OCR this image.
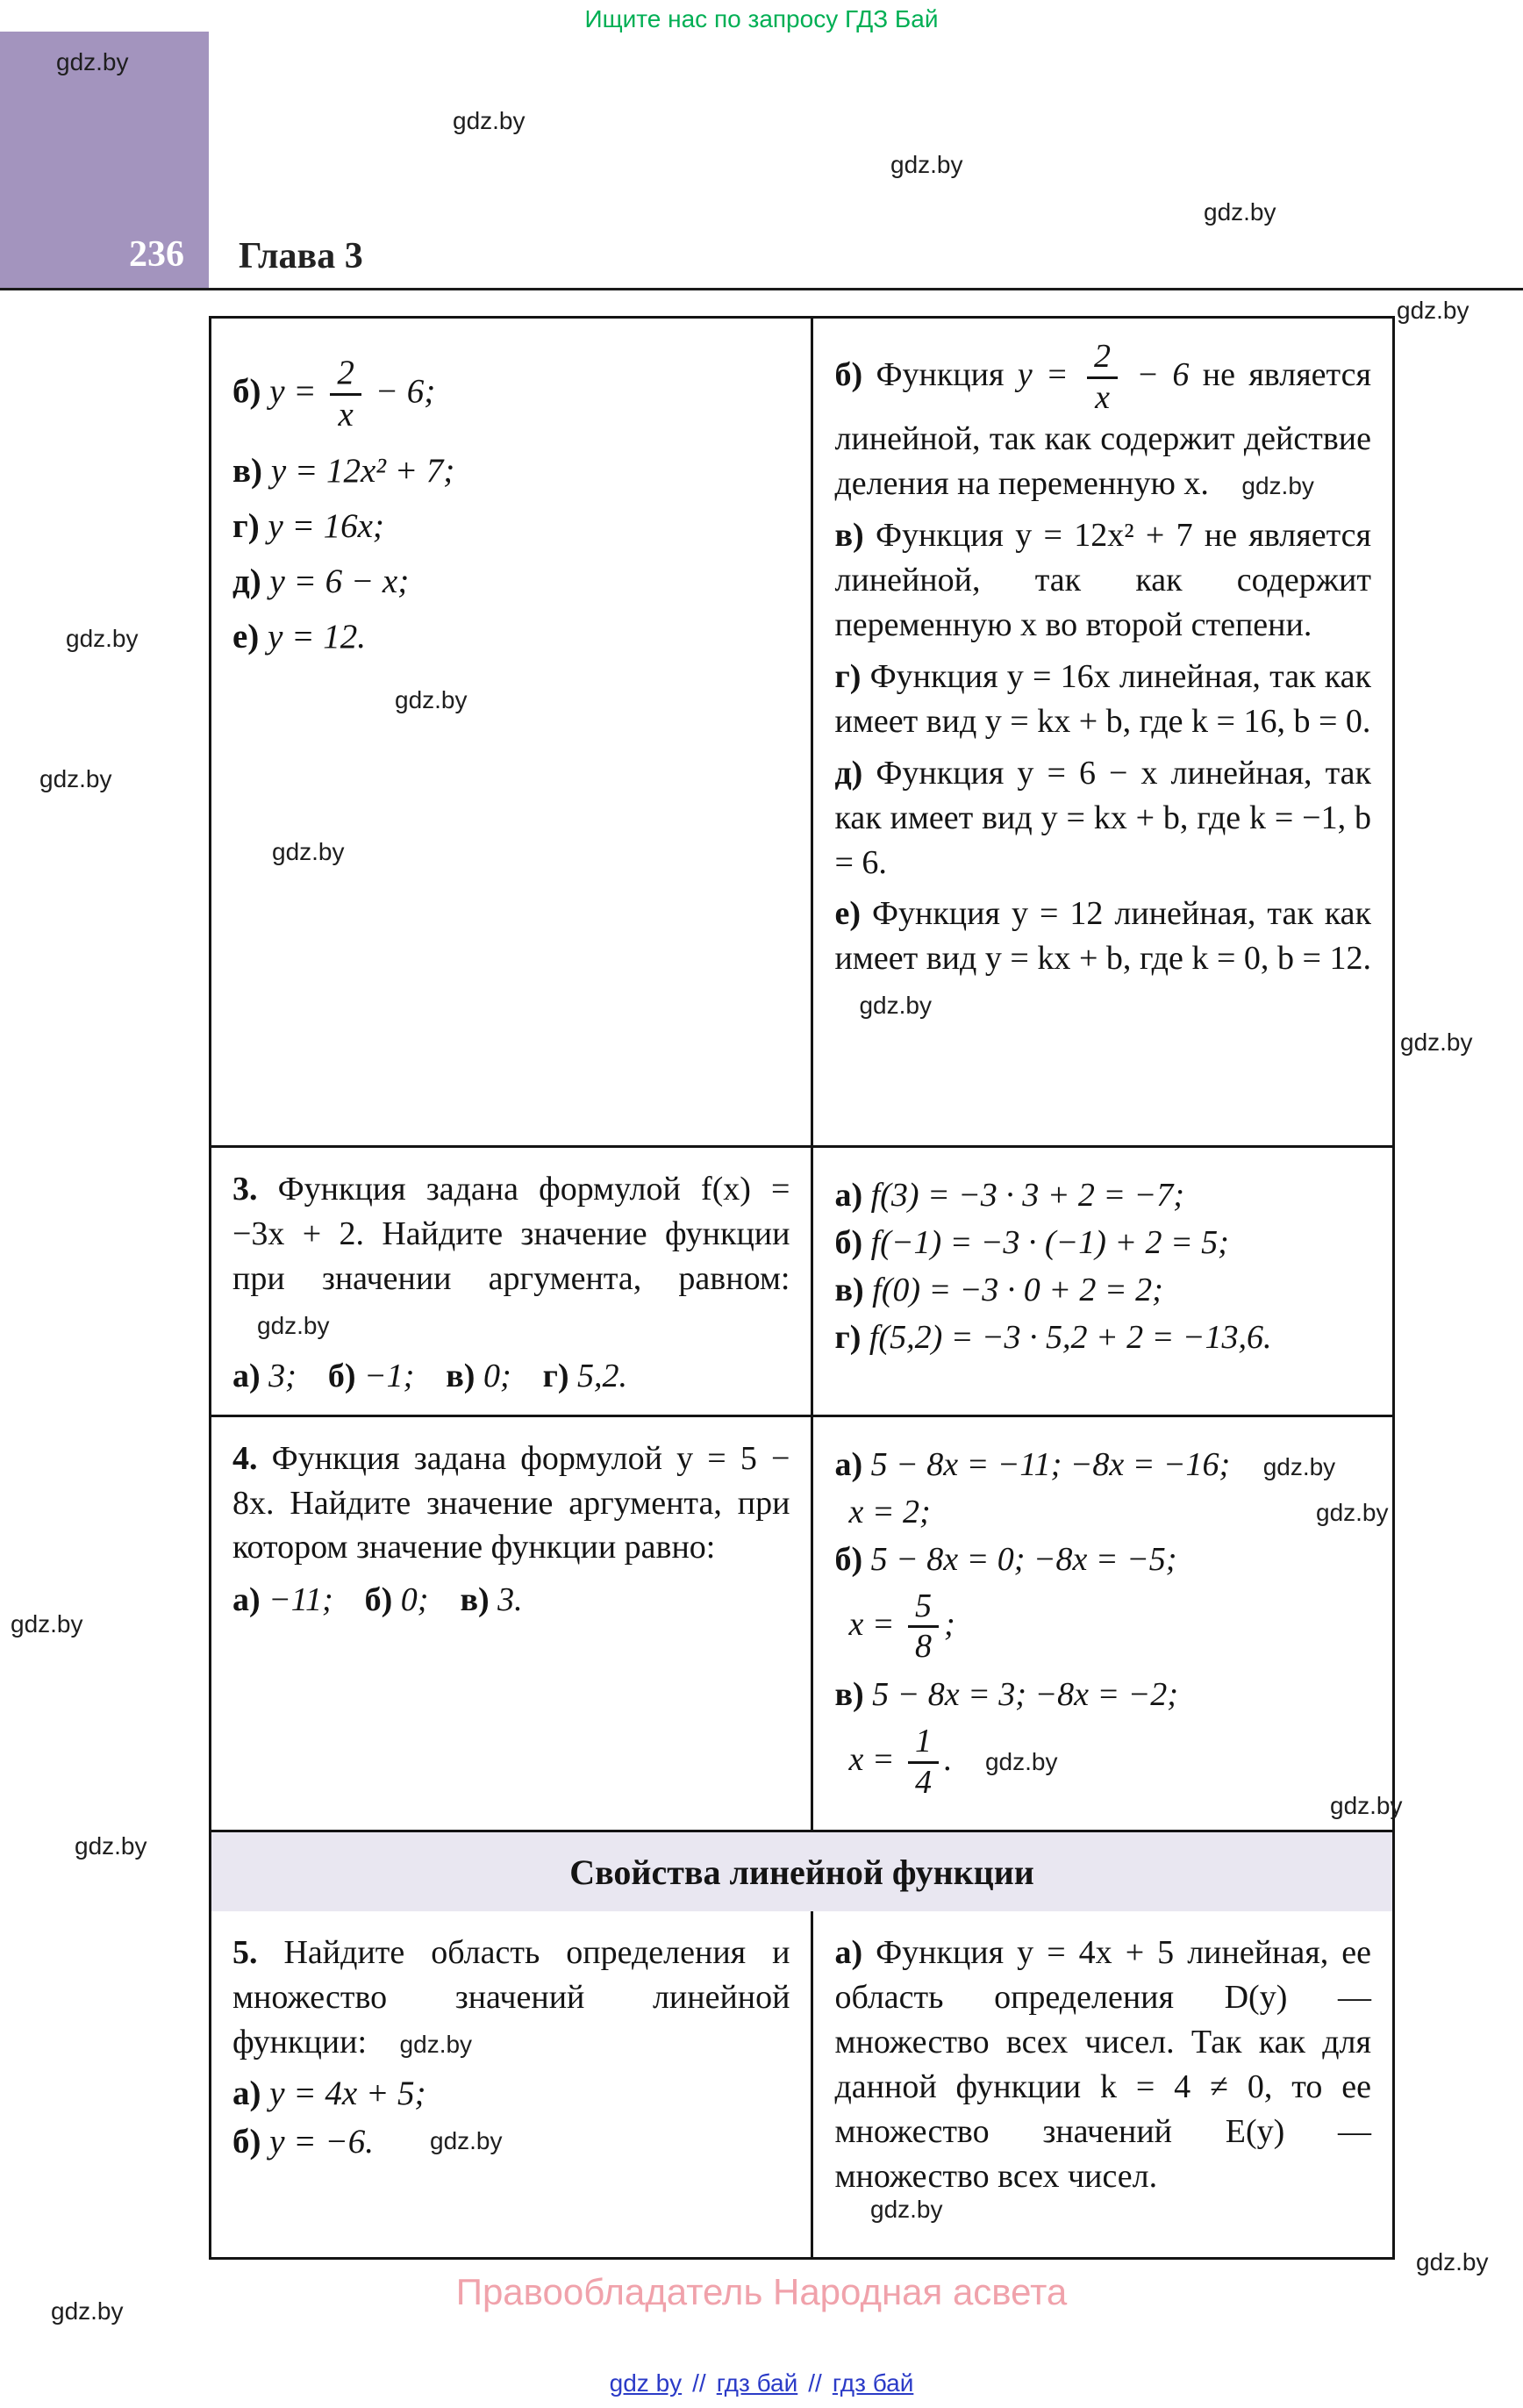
Ищите нас по запросу ГДЗ Бай
236 Глава 3
б) $y = \frac{2}{x} - 6$;
в) y = 12x² + 7;
г) y = 16x;
д) y = 6 − x;
е) y = 12.

б) Функция $y = \frac{2}{x} - 6$ не является линейной, так как содержит действие деления на переменную x. gdz.by

в) Функция y = 12x² + 7 не является линейной, так как содержит переменную x во второй степени.

г) Функция y = 16x линейная, так как имеет вид y = kx + b, где k = 16, b = 0.

д) Функция y = 6 − x линейная, так как имеет вид y = kx + b, где k = −1, b = 6.

е) Функция y = 12 линейная, так как имеет вид y = kx + b, где k = 0, b = 12. gdz.by

3. Функция задана формулой f(x) = −3x + 2. Найдите значение функции при значении аргумента, равном: gdz.by

а) 3; б) −1; в) 0; г) 5,2.
а) f(3) = −3 · 3 + 2 = −7;
б) f(−1) = −3 · (−1) + 2 = 5;
в) f(0) = −3 · 0 + 2 = 2;
г) f(5,2) = −3 · 5,2 + 2 = −13,6.

4. Функция задана формулой y = 5 − 8x. Найдите значение аргумента, при котором значение функции равно:

а) −11; б) 0; в) 3.
а) 5 − 8x = −11; −8x = −16; gdz.by
x = 2;
б) 5 − 8x = 0; −8x = −5;
$x = \frac{5}{8}$ ;
в) 5 − 8x = 3; −8x = −2;
$x = \frac{1}{4}$ . gdz.by
Свойства линейной функции

5. Найдите область определения и множество значений линейной функции: gdz.by

а) y = 4x + 5;
б) y = −6.

а) Функция y = 4x + 5 линейная, ее область определения D(y) — множество всех чисел. Так как для данной функции k = 4 ≠ 0, то ее множество значений E(y) — множество всех чисел.

gdz.by
gdz.by
gdz.by
gdz.by
gdz.by
gdz.by
gdz.by
gdz.by
gdz.by
gdz.by
gdz.by
gdz.by
gdz.by
gdz.by
gdz.by
gdz.by
gdz.by
gdz.by	Правообладатель Народная асвета
gdz by // гдз бай // гдз бай
